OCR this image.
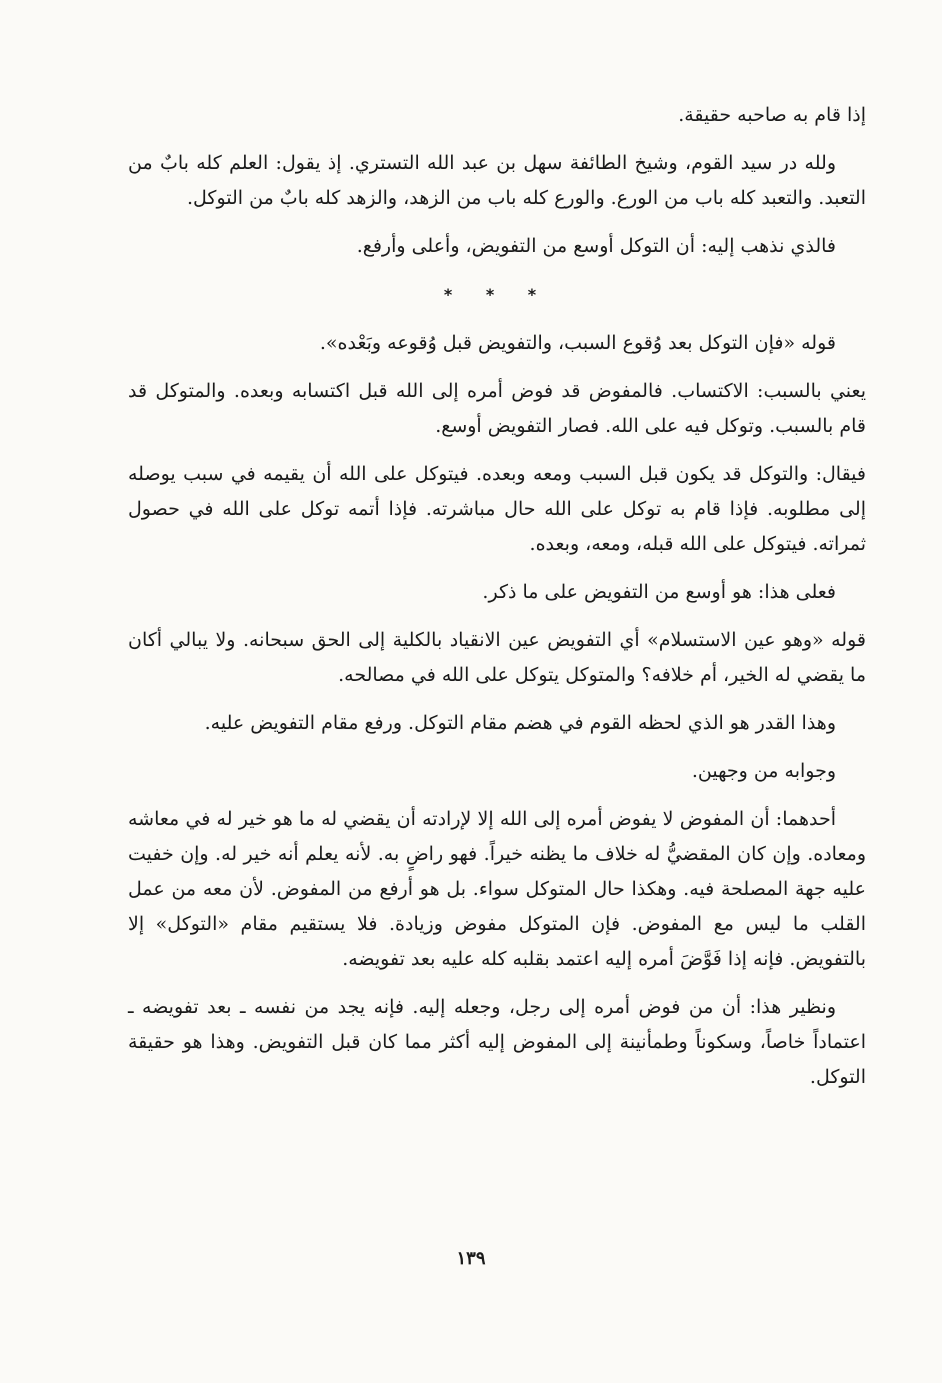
إذا قام به صاحبه حقيقة.

ولله در سيد القوم، وشيخ الطائفة سهل بن عبد الله التستري. إذ يقول: العلم كله بابٌ من التعبد. والتعبد كله باب من الورع. والورع كله باب من الزهد، والزهد كله بابٌ من التوكل.

فالذي نذهب إليه: أن التوكل أوسع من التفويض، وأعلى وأرفع.

* * *

قوله «فإن التوكل بعد وُقوع السبب، والتفويض قبل وُقوعه وبَعْده».

يعني بالسبب: الاكتساب. فالمفوض قد فوض أمره إلى الله قبل اكتسابه وبعده. والمتوكل قد قام بالسبب. وتوكل فيه على الله. فصار التفويض أوسع.

فيقال: والتوكل قد يكون قبل السبب ومعه وبعده. فيتوكل على الله أن يقيمه في سبب يوصله إلى مطلوبه. فإذا قام به توكل على الله حال مباشرته. فإذا أتمه توكل على الله في حصول ثمراته. فيتوكل على الله قبله، ومعه، وبعده.

فعلى هذا: هو أوسع من التفويض على ما ذكر.

قوله «وهو عين الاستسلام» أي التفويض عين الانقياد بالكلية إلى الحق سبحانه. ولا يبالي أكان ما يقضي له الخير، أم خلافه؟ والمتوكل يتوكل على الله في مصالحه.

وهذا القدر هو الذي لحظه القوم في هضم مقام التوكل. ورفع مقام التفويض عليه.

وجوابه من وجهين.

أحدهما: أن المفوض لا يفوض أمره إلى الله إلا لإرادته أن يقضي له ما هو خير له في معاشه ومعاده. وإن كان المقضيُّ له خلاف ما يظنه خيراً. فهو راضٍ به. لأنه يعلم أنه خير له. وإن خفيت عليه جهة المصلحة فيه. وهكذا حال المتوكل سواء. بل هو أرفع من المفوض. لأن معه من عمل القلب ما ليس مع المفوض. فإن المتوكل مفوض وزيادة. فلا يستقيم مقام «التوكل» إلا بالتفويض. فإنه إذا فَوَّضَ أمره إليه اعتمد بقلبه كله عليه بعد تفويضه.

ونظير هذا: أن من فوض أمره إلى رجل، وجعله إليه. فإنه يجد من نفسه ـ بعد تفويضه ـ اعتماداً خاصاً، وسكوناً وطمأنينة إلى المفوض إليه أكثر مما كان قبل التفويض. وهذا هو حقيقة التوكل.

١٣٩
